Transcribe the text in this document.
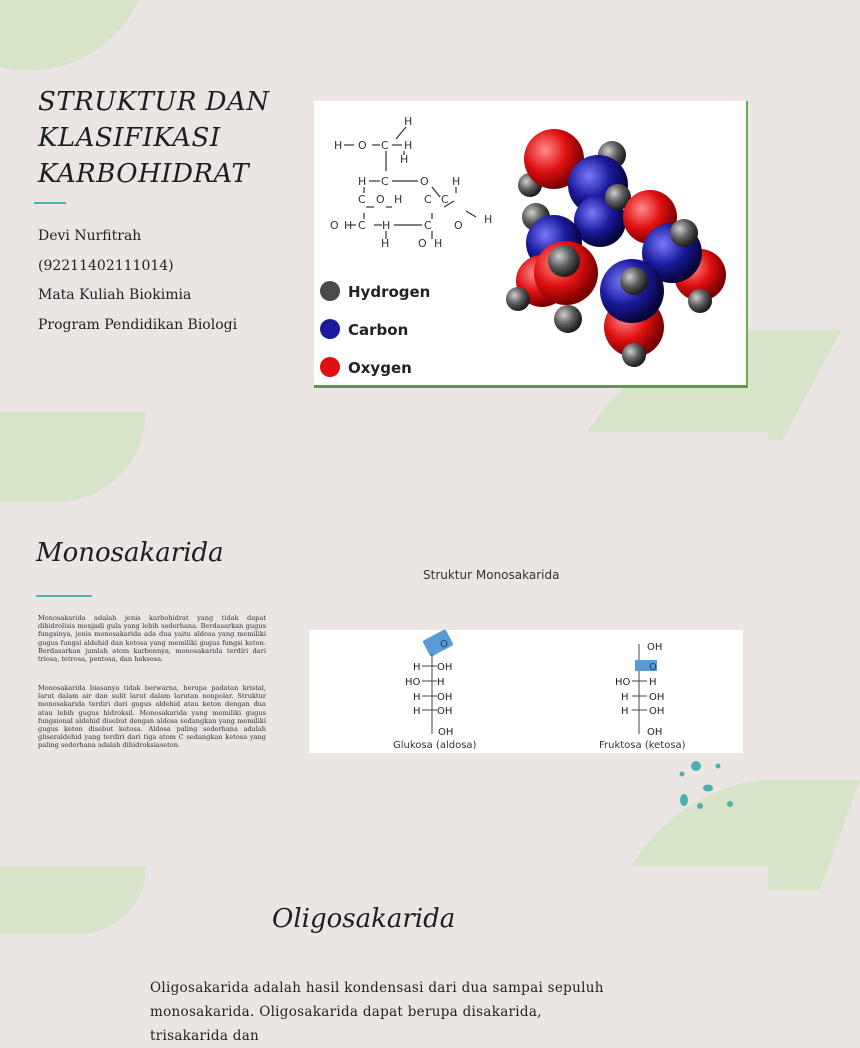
STRUKTUR DAN KLASIFIKASI KARBOHIDRAT
Devi Nurfitrah
(92211402111014)
Mata Kuliah Biokimia
Program Pendidikan Biologi
H O C H
H
H
H C	O H
C O H C C
O C H	C O H
H
H	O H
Hydrogen
Carbon
Oxygen
Monosakarida
Monosakarida adalah jenis karbohidrat yang tidak dapat dihidrolisis menjadi gula yang lebih sederhana. Berdasarkan gugus fungsinya, jenis monosakarida ada dua yaitu aldosa yang memiliki gugus fungsi aldehid dan ketosa yang memiliki gugus fungsi keton. Berdasarkan jumlah atom karbonnya, monosakarida terdiri dari triosa, tetrosa, pentosa, dan heksosa.
Monosakarida biasanya tidak berwarna, berupa padatan kristal, larut dalam air dan sulit larut dalam larutan nonpolar. Struktur monosakarida terdiri dari gugus aldehid atau keton dengan dua atau lebih gugus hidroksil. Monosakarida yang memiliki gugus fungsional aldehid disebut dengan aldosa sedangkan yang memiliki gugus keton disebut ketosa. Aldosa paling sederhana adalah gliseraldehid yang terdiri dari tiga atom C sedangkan ketosa yang paling sederhana adalah dihidroksiaseton.
Struktur Monosakarida
O
H OH
HO H
H OH
H OH
OH
Glukosa (aldosa)
OH
O
HO H
H OH
H OH
OH
Fruktosa (ketosa)
Oligosakarida
Oligosakarida adalah hasil kondensasi dari dua sampai sepuluh monosakarida. Oligosakarida dapat berupa disakarida, trisakarida dan
